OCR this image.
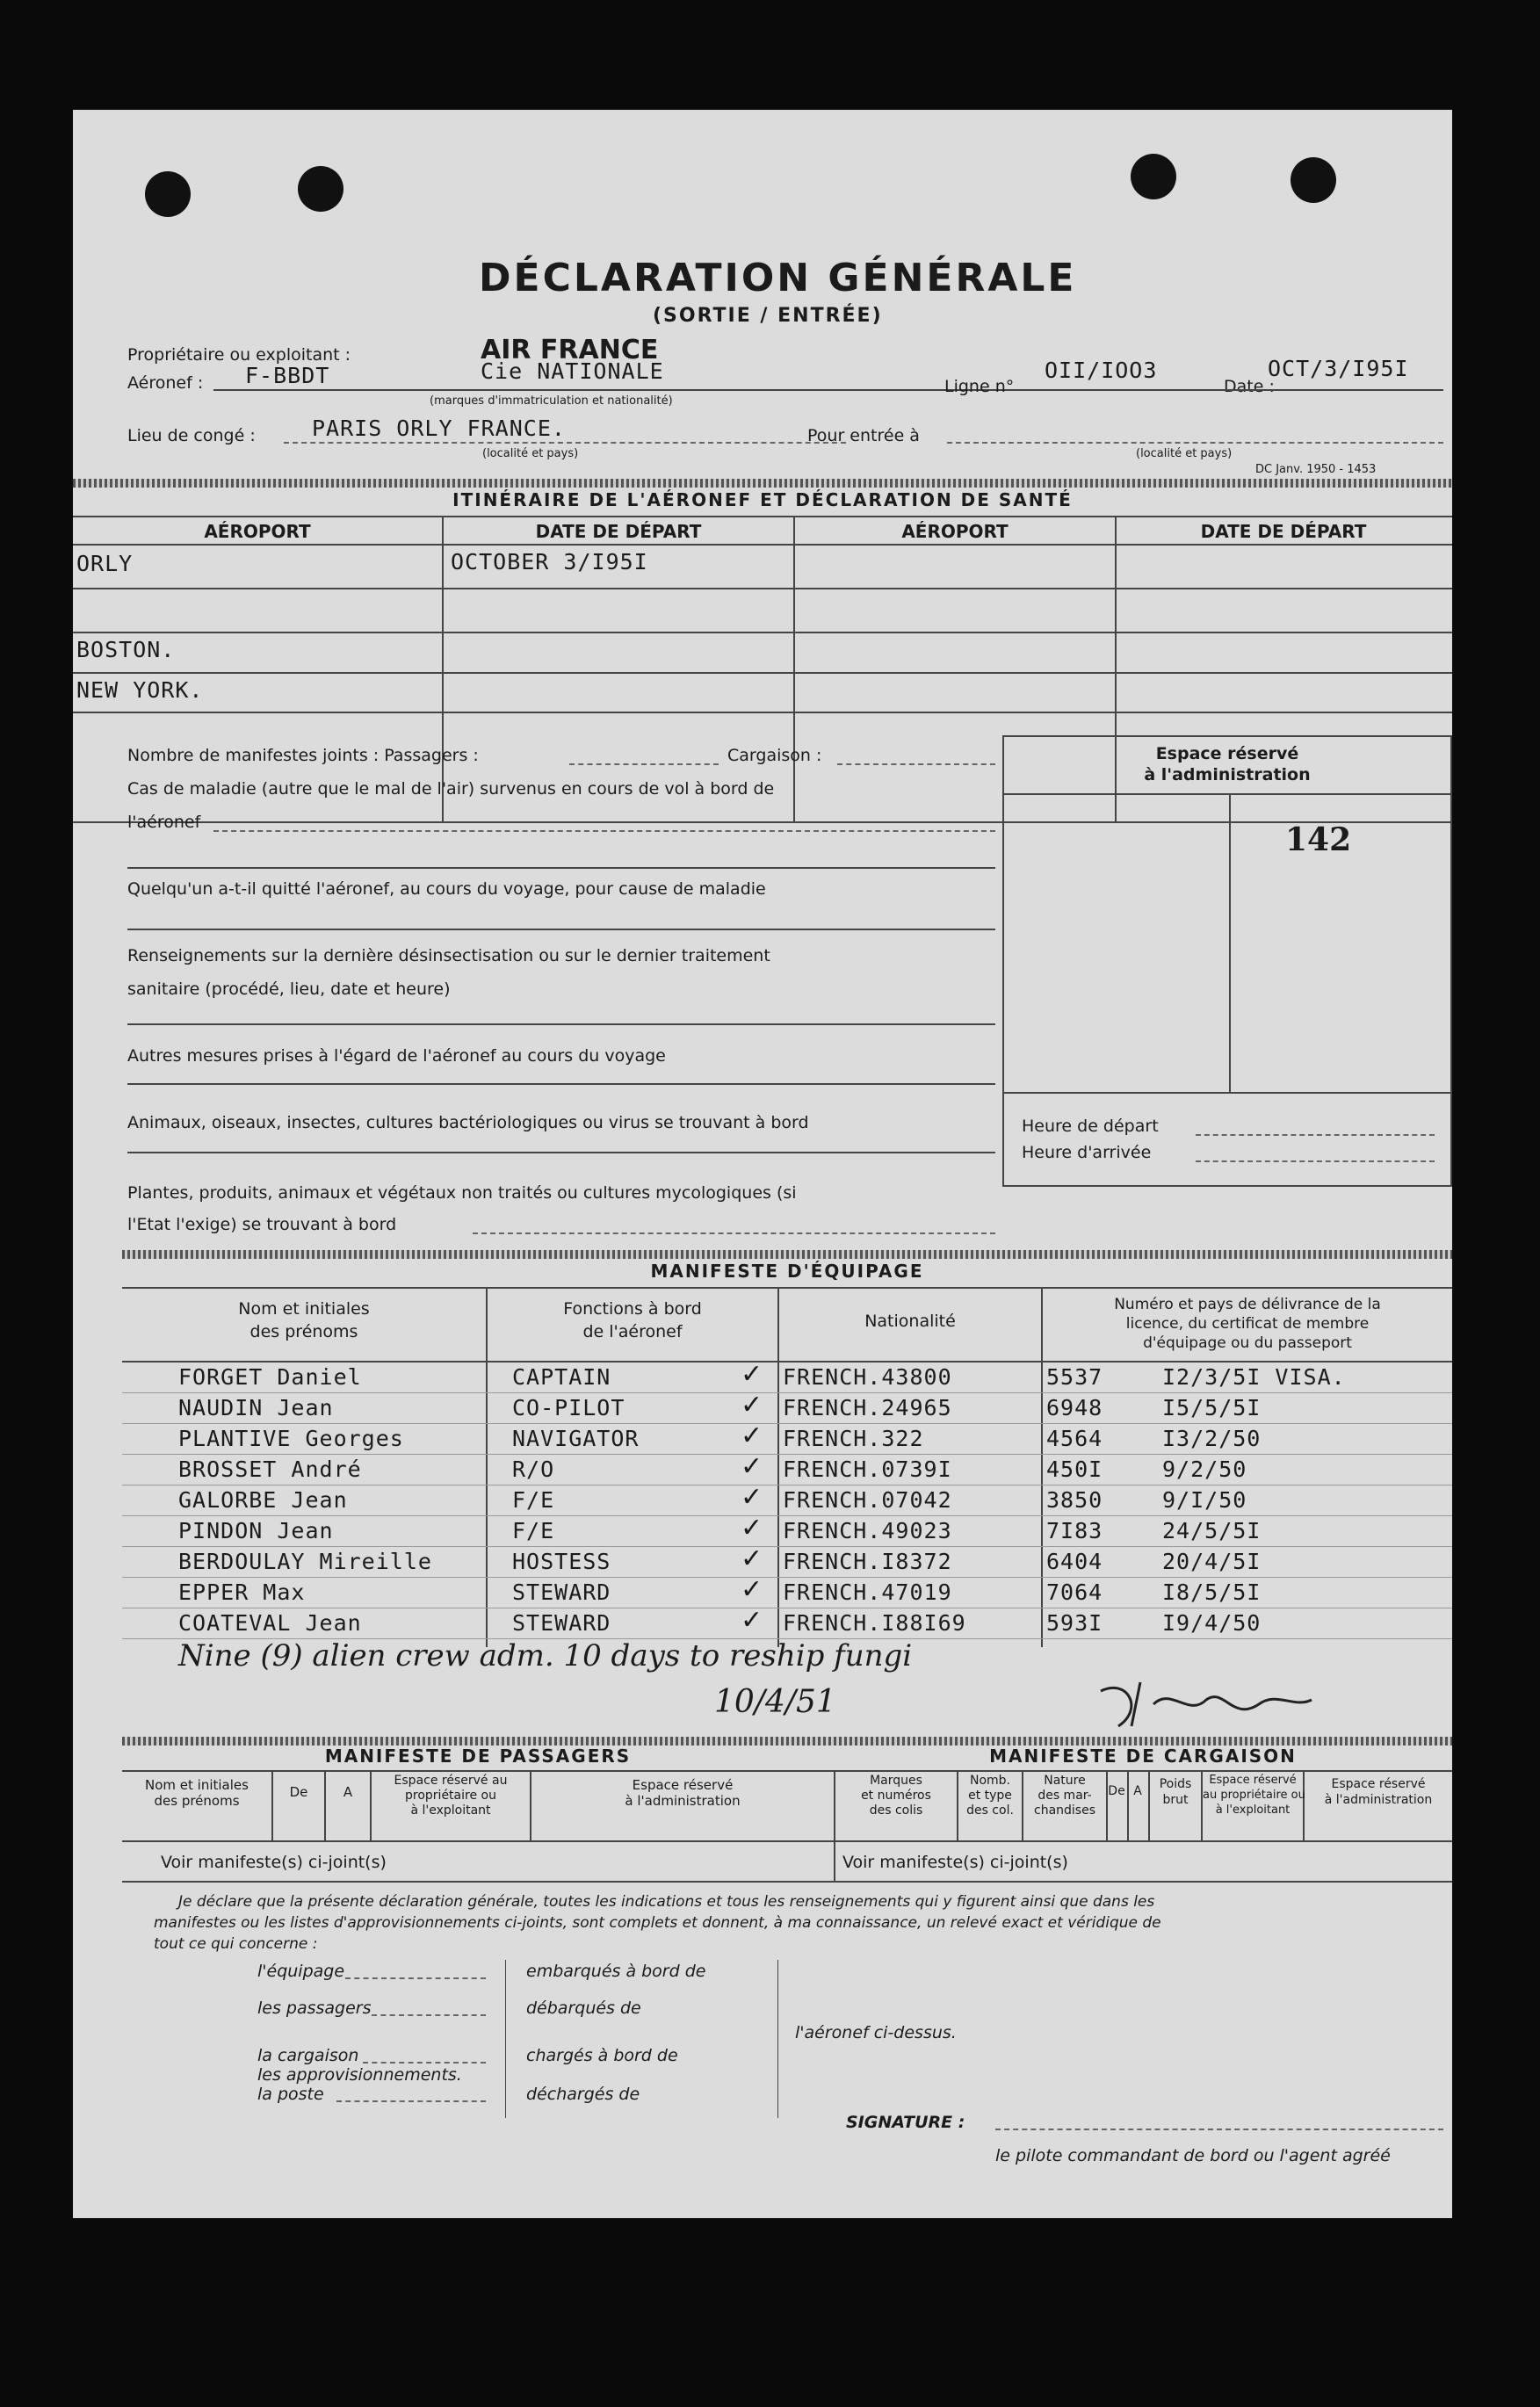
DÉCLARATION GÉNÉRALE
(SORTIE / ENTRÉE)
Propriétaire ou exploitant :	AIR FRANCE
Cie NATIONALE
Aéronef : F-BBDT
(marques d'immatriculation et nationalité)
Ligne n°
OII/IOO3
Date :
OCT/3/I95I
Lieu de congé :	PARIS ORLY FRANCE.
(localité et pays)
Pour entrée à
(localité et pays)
DC Janv. 1950 - 1453
ITINÉRAIRE DE L'AÉRONEF ET DÉCLARATION DE SANTÉ
AÉROPORT	DATE DE DÉPART	AÉROPORT	DATE DE DÉPART
ORLY	OCTOBER 3/I95I
BOSTON.
NEW YORK.
Nombre de manifestes joints : Passagers :	Cargaison :
Cas de maladie (autre que le mal de l'air) survenus en cours de vol à bord de
l'aéronef
Quelqu'un a-t-il quitté l'aéronef, au cours du voyage, pour cause de maladie
Renseignements sur la dernière désinsectisation ou sur le dernier traitement
sanitaire (procédé, lieu, date et heure)
Autres mesures prises à l'égard de l'aéronef au cours du voyage
Animaux, oiseaux, insectes, cultures bactériologiques ou virus se trouvant à bord
Plantes, produits, animaux et végétaux non traités ou cultures mycologiques (si
l'Etat l'exige) se trouvant à bord
Espace réservé
à l'administration
142
Heure de départ
Heure d'arrivée
MANIFESTE D'ÉQUIPAGE
Nom et initiales
des prénoms
Fonctions à bord
de l'aéronef
Nationalité
Numéro et pays de délivrance de la
licence, du certificat de membre
d'équipage ou du passeport
FORGET Daniel	CAPTAIN	FRENCH.43800	5537	I2/3/5I VISA.
✓
NAUDIN Jean	CO-PILOT	FRENCH.24965	6948	I5/5/5I
✓
PLANTIVE Georges	NAVIGATOR	FRENCH.322	4564	I3/2/50
✓
BROSSET André	R/O	FRENCH.0739I	450I	9/2/50
✓
GALORBE Jean	F/E	FRENCH.07042	3850	9/I/50
✓
PINDON Jean	F/E	FRENCH.49023	7I83	24/5/5I
✓
BERDOULAY Mireille	HOSTESS	FRENCH.I8372	6404	20/4/5I
✓
EPPER Max	STEWARD	FRENCH.47019	7064	I8/5/5I
✓
COATEVAL Jean	STEWARD	FRENCH.I88I69	593I	I9/4/50
✓
Nine (9) alien crew adm. 10 days to reship fungi
10/4/51
MANIFESTE DE PASSAGERS	MANIFESTE DE CARGAISON
Nom et initiales
des prénoms
De	A
Espace réservé au
propriétaire ou
à l'exploitant
Espace réservé
à l'administration
Voir manifeste(s) ci-joint(s)
Marques
et numéros
des colis
Nomb.
et type
des col.
Nature
des mar-
chandises
De A	Poids
brut
Espace réservé
au propriétaire ou
à l'exploitant
Espace réservé
à l'administration
Voir manifeste(s) ci-joint(s)
Je déclare que la présente déclaration générale, toutes les indications et tous les renseignements qui y figurent ainsi que dans les
manifestes ou les listes d'approvisionnements ci-joints, sont complets et donnent, à ma connaissance, un relevé exact et véridique de
tout ce qui concerne :
l'équipage
les passagers
la cargaison
les approvisionnements.
la poste
embarqués à bord de
débarqués de
chargés à bord de
déchargés de
l'aéronef ci-dessus.
SIGNATURE :
le pilote commandant de bord ou l'agent agréé
